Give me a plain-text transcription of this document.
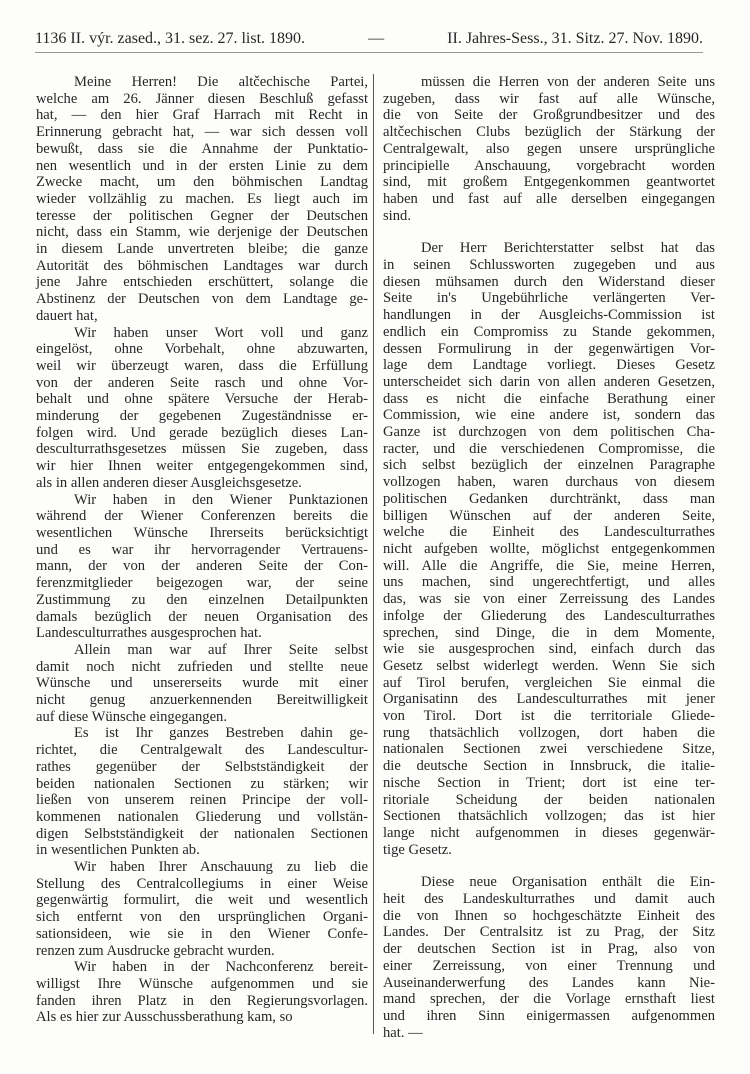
1136 II. výr. zased., 31. sez. 27. list. 1890.	—	II. Jahres-Sess., 31. Sitz. 27. Nov. 1890.
Meine Herren! Die altčechische Partei,
welche am 26. Jänner diesen Beschluß gefasst
hat, — den hier Graf Harrach mit Recht in
Erinnerung gebracht hat, — war sich dessen voll
bewußt, dass sie die Annahme der Punktatio-
nen wesentlich und in der ersten Linie zu dem
Zwecke macht, um den böhmischen Landtag
wieder vollzählig zu machen. Es liegt auch im
teresse der politischen Gegner der Deutschen
nicht, dass ein Stamm, wie derjenige der Deutschen
in diesem Lande unvertreten bleibe; die ganze
Autorität des böhmischen Landtages war durch
jene Jahre entschieden erschüttert, solange die
Abstinenz der Deutschen von dem Landtage ge-
dauert hat,
Wir haben unser Wort voll und ganz
eingelöst, ohne Vorbehalt, ohne abzuwarten,
weil wir überzeugt waren, dass die Erfüllung
von der anderen Seite rasch und ohne Vor-
behalt und ohne spätere Versuche der Herab-
minderung der gegebenen Zugeständnisse er-
folgen wird. Und gerade bezüglich dieses Lan-
desculturrathsgesetzes müssen Sie zugeben, dass
wir hier Ihnen weiter entgegengekommen sind,
als in allen anderen dieser Ausgleichsgesetze.
Wir haben in den Wiener Punktazionen
während der Wiener Conferenzen bereits die
wesentlichen Wünsche Ihrerseits berücksichtigt
und es war ihr hervorragender Vertrauens-
mann, der von der anderen Seite der Con-
ferenzmitglieder beigezogen war, der seine
Zustimmung zu den einzelnen Detailpunkten
damals bezüglich der neuen Organisation des
Landesculturrathes ausgesprochen hat.
Allein man war auf Ihrer Seite selbst
damit noch nicht zufrieden und stellte neue
Wünsche und unsererseits wurde mit einer
nicht genug anzuerkennenden Bereitwilligkeit
auf diese Wünsche eingegangen.
Es ist Ihr ganzes Bestreben dahin ge-
richtet, die Centralgewalt des Landescultur-
rathes gegenüber der Selbstständigkeit der
beiden nationalen Sectionen zu stärken; wir
ließen von unserem reinen Principe der voll-
kommenen nationalen Gliederung und vollstän-
digen Selbstständigkeit der nationalen Sectionen
in wesentlichen Punkten ab.
Wir haben Ihrer Anschauung zu lieb die
Stellung des Centralcollegiums in einer Weise
gegenwärtig formulirt, die weit und wesentlich
sich entfernt von den ursprünglichen Organi-
sationsideen, wie sie in den Wiener Confe-
renzen zum Ausdrucke gebracht wurden.
Wir haben in der Nachconferenz bereit-
willigst Ihre Wünsche aufgenommen und sie
fanden ihren Platz in den Regierungsvorlagen.
Als es hier zur Ausschussberathung kam, so
müssen die Herren von der anderen Seite uns
zugeben, dass wir fast auf alle Wünsche,
die von Seite der Großgrundbesitzer und des
altčechischen Clubs bezüglich der Stärkung der
Centralgewalt, also gegen unsere ursprüngliche
principielle Anschauung, vorgebracht worden
sind, mit großem Entgegenkommen geantwortet
haben und fast auf alle derselben eingegangen
sind.
Der Herr Berichterstatter selbst hat das
in seinen Schlussworten zugegeben und aus
diesen mühsamen durch den Widerstand dieser
Seite in's Ungebührliche verlängerten Ver-
handlungen in der Ausgleichs-Commission ist
endlich ein Compromiss zu Stande gekommen,
dessen Formulirung in der gegenwärtigen Vor-
lage dem Landtage vorliegt. Dieses Gesetz
unterscheidet sich darin von allen anderen Gesetzen,
dass es nicht die einfache Berathung einer
Commission, wie eine andere ist, sondern das
Ganze ist durchzogen von dem politischen Cha-
racter, und die verschiedenen Compromisse, die
sich selbst bezüglich der einzelnen Paragraphe
vollzogen haben, waren durchaus von diesem
politischen Gedanken durchtränkt, dass man
billigen Wünschen auf der anderen Seite,
welche die Einheit des Landesculturrathes
nicht aufgeben wollte, möglichst entgegenkommen
will. Alle die Angriffe, die Sie, meine Herren,
uns machen, sind ungerechtfertigt, und alles
das, was sie von einer Zerreissung des Landes
infolge der Gliederung des Landesculturrathes
sprechen, sind Dinge, die in dem Momente,
wie sie ausgesprochen sind, einfach durch das
Gesetz selbst widerlegt werden. Wenn Sie sich
auf Tirol berufen, vergleichen Sie einmal die
Organisatinn des Landesculturrathes mit jener
von Tirol. Dort ist die territoriale Gliede-
rung thatsächlich vollzogen, dort haben die
nationalen Sectionen zwei verschiedene Sitze,
die deutsche Section in Innsbruck, die italie-
nische Section in Trient; dort ist eine ter-
ritoriale Scheidung der beiden nationalen
Sectionen thatsächlich vollzogen; das ist hier
lange nicht aufgenommen in dieses gegenwär-
tige Gesetz.
Diese neue Organisation enthält die Ein-
heit des Landeskulturrathes und damit auch
die von Ihnen so hochgeschätzte Einheit des
Landes. Der Centralsitz ist zu Prag, der Sitz
der deutschen Section ist in Prag, also von
einer Zerreissung, von einer Trennung und
Auseinanderwerfung des Landes kann Nie-
mand sprechen, der die Vorlage ernsthaft liest
und ihren Sinn einigermassen aufgenommen
hat. —
